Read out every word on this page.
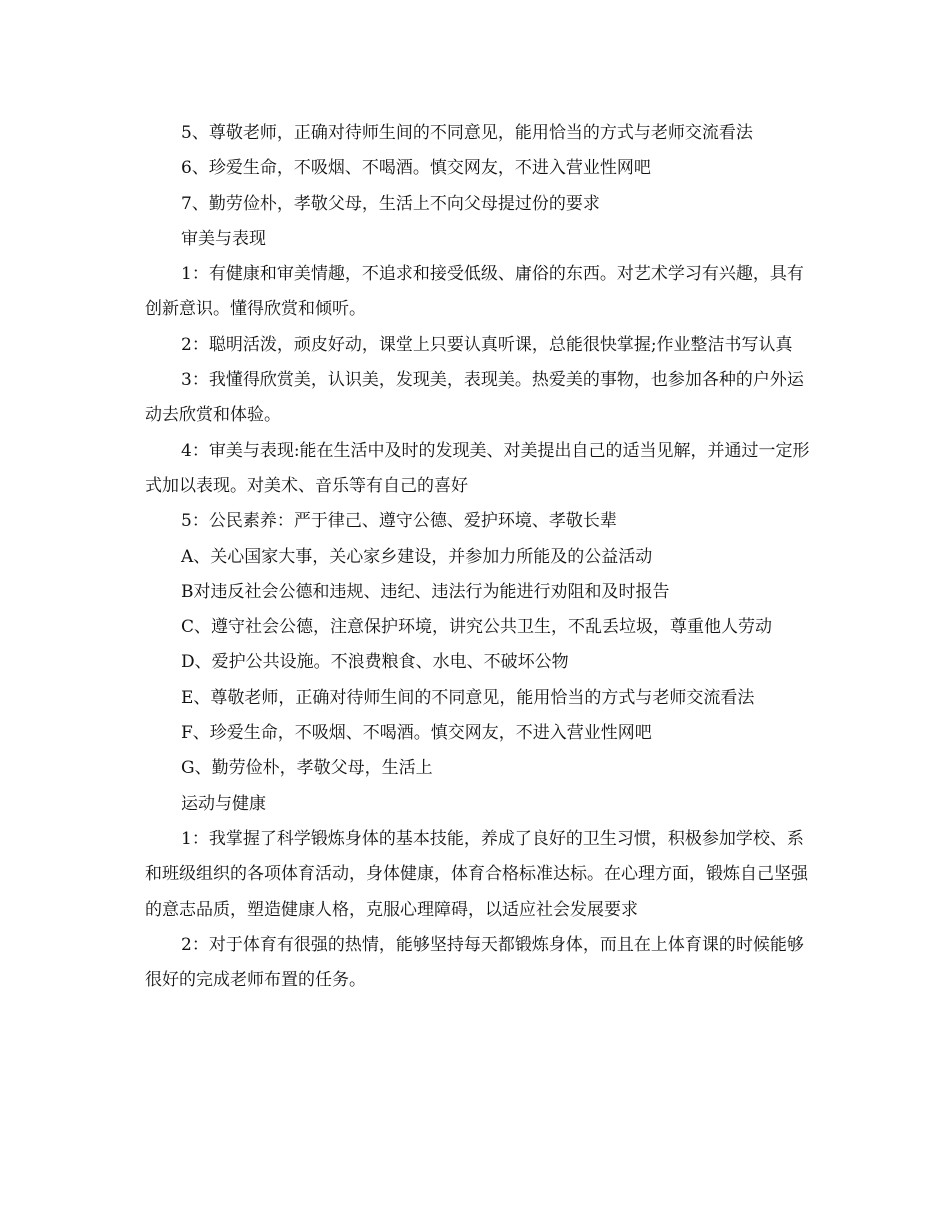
5、尊敬老师，正确对待师生间的不同意见，能用恰当的方式与老师交流看法

6、珍爱生命，不吸烟、不喝酒。慎交网友，不进入营业性网吧

7、勤劳俭朴，孝敬父母，生活上不向父母提过份的要求

审美与表现

1：有健康和审美情趣，不追求和接受低级、庸俗的东西。对艺术学习有兴趣，具有创新意识。懂得欣赏和倾听。

2：聪明活泼，顽皮好动，课堂上只要认真听课，总能很快掌握;作业整洁书写认真

3：我懂得欣赏美，认识美，发现美，表现美。热爱美的事物，也参加各种的户外运动去欣赏和体验。

4：审美与表现:能在生活中及时的发现美、对美提出自己的适当见解，并通过一定形式加以表现。对美术、音乐等有自己的喜好

5：公民素养：严于律己、遵守公德、爱护环境、孝敬长辈

A、关心国家大事，关心家乡建设，并参加力所能及的公益活动

B对违反社会公德和违规、违纪、违法行为能进行劝阻和及时报告

C、遵守社会公德，注意保护环境，讲究公共卫生，不乱丢垃圾，尊重他人劳动

D、爱护公共设施。不浪费粮食、水电、不破坏公物

E、尊敬老师，正确对待师生间的不同意见，能用恰当的方式与老师交流看法

F、珍爱生命，不吸烟、不喝酒。慎交网友，不进入营业性网吧

G、勤劳俭朴，孝敬父母，生活上

运动与健康

1：我掌握了科学锻炼身体的基本技能，养成了良好的卫生习惯，积极参加学校、系和班级组织的各项体育活动，身体健康，体育合格标准达标。在心理方面，锻炼自己坚强的意志品质，塑造健康人格，克服心理障碍，以适应社会发展要求

2：对于体育有很强的热情，能够坚持每天都锻炼身体，而且在上体育课的时候能够很好的完成老师布置的任务。
